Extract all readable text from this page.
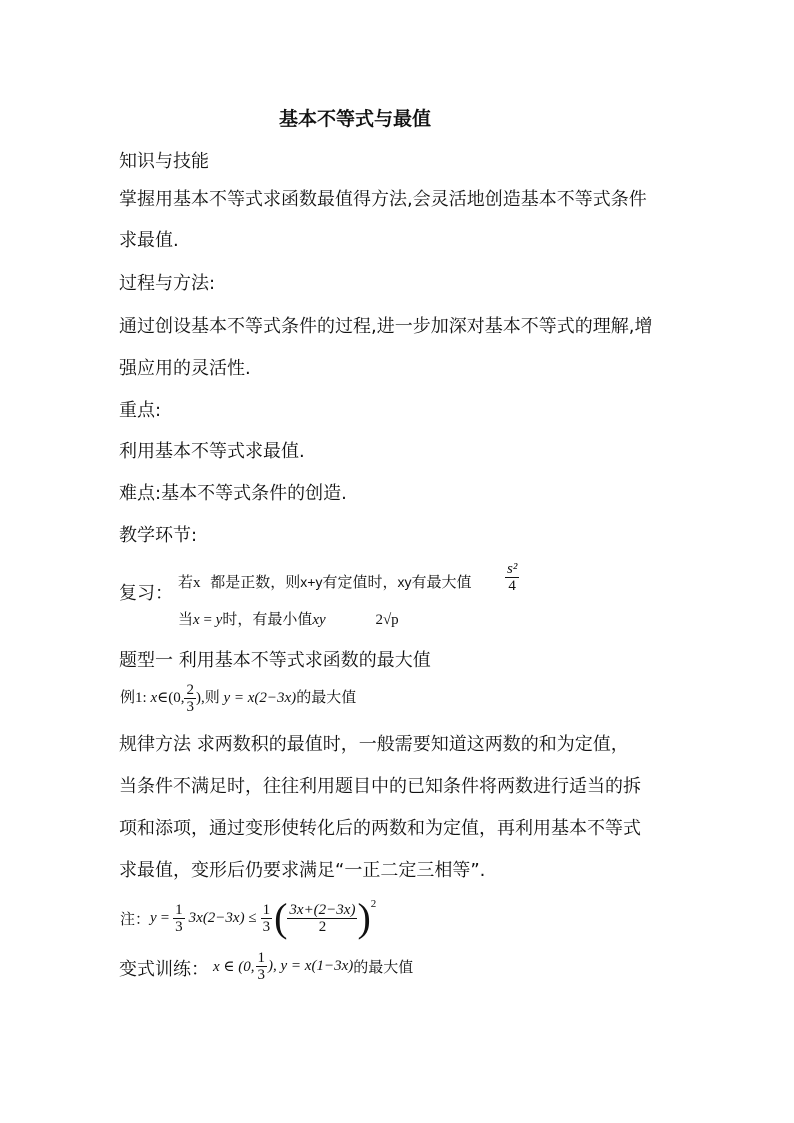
基本不等式与最值
知识与技能
掌握用基本不等式求函数最值得方法,会灵活地创造基本不等式条件
求最值.
过程与方法:
通过创设基本不等式条件的过程,进一步加深对基本不等式的理解,增
强应用的灵活性.
重点:
利用基本不等式求最值.
难点:基本不等式条件的创造.
教学环节:
复习： 若x 都是正数，则x+y有定值时，xy有最大值 $\frac{\text{s²}}{4}$
当x = y时，有最小值xy	2√p
题型一 利用基本不等式求函数的最大值
例1: x∈(0, $\frac{2}{3}$ ),则 y = x(2−3x)的最大值
规律方法 求两数积的最值时，一般需要知道这两数的和为定值，
当条件不满足时，往往利用题目中的已知条件将两数进行适当的拆
项和添项，通过变形使转化后的两数和为定值，再利用基本不等式
求最值，变形后仍要求满足“一正二定三相等”.
注： $y = \frac{1}{3} 3x(2-3x) \le \frac{1}{3}$ ( $\frac{3x+(2-3x)}{2}$ ) 2
变式训练： x ∈ (0, $\frac{1}{3}$ ), y = x(1−3x) 的最大值
